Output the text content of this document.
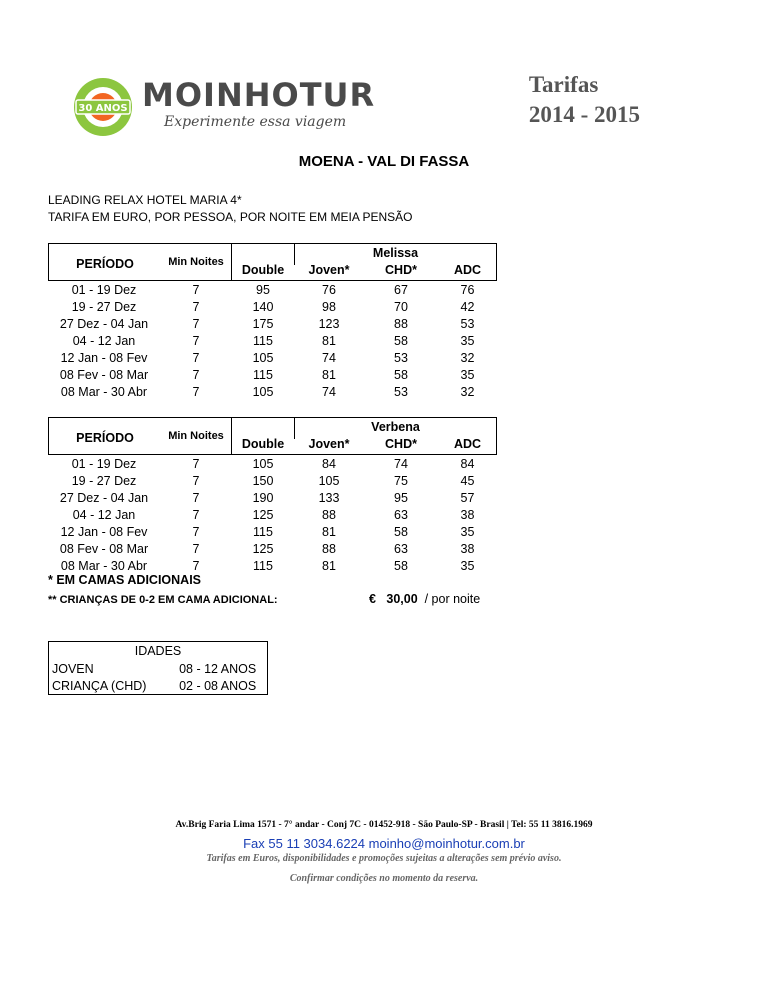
30 ANOS MOINHOTUR
Experimente essa viagem
Tarifas
2014 - 2015
MOENA - VAL DI FASSA
LEADING RELAX HOTEL MARIA 4*
TARIFA EM EURO, POR PESSOA, POR NOITE EM MEIA PENSÃO
PERÍODO	Min Noites
Melissa
Double	Joven*	CHD*	ADC
01 - 19 Dez	7	95	76	67	76
19 - 27 Dez	7	140	98	70	42
27 Dez - 04 Jan	7	175	123	88	53
04 - 12 Jan	7	115	81	58	35
12 Jan - 08 Fev	7	105	74	53	32
08 Fev - 08 Mar	7	115	81	58	35
08 Mar - 30 Abr	7	105	74	53	32
PERÍODO	Min Noites
Verbena
Double	Joven*	CHD*	ADC
01 - 19 Dez	7	105	84	74	84
19 - 27 Dez	7	150	105	75	45
27 Dez - 04 Jan	7	190	133	95	57
04 - 12 Jan	7	125	88	63	38
12 Jan - 08 Fev	7	115	81	58	35
08 Fev - 08 Mar	7	125	88	63	38
08 Mar - 30 Abr	7	115	81	58	35
* EM CAMAS ADICIONAIS
** CRIANÇAS DE 0-2 EM CAMA ADICIONAL:	€ 30,00 / por noite
IDADES
JOVEN	08 - 12 ANOS
CRIANÇA (CHD)	02 - 08 ANOS
Av.Brig Faria Lima 1571 - 7° andar - Conj 7C - 01452-918 - São Paulo-SP - Brasil | Tel: 55 11 3816.1969
Fax 55 11 3034.6224 moinho@moinhotur.com.br
Tarifas em Euros, disponibilidades e promoções sujeitas a alterações sem prévio aviso.
Confirmar condições no momento da reserva.
